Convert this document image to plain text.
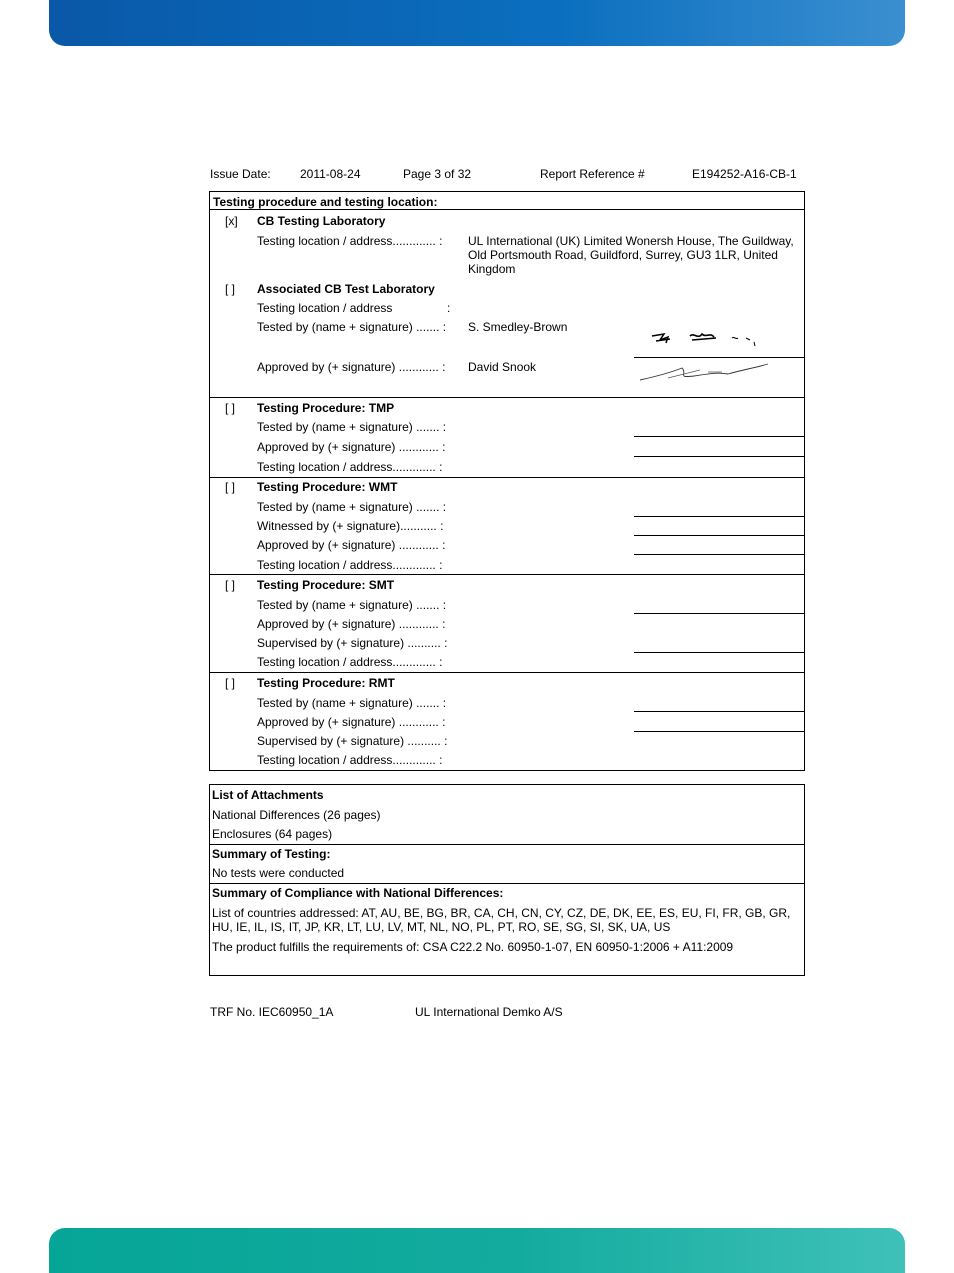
Issue Date: 2011-08-24	Page 3 of 32	Report Reference #	E194252-A16-CB-1
Testing procedure and testing location:
[x] CB Testing Laboratory
Testing location / address............. : UL International (UK) Limited Wonersh House, The Guildway, Old Portsmouth Road, Guildford, Surrey, GU3 1LR, United Kingdom
[ ] Associated CB Test Laboratory
Testing location / address	:
Tested by (name + signature) ....... : S. Smedley-Brown
Approved by (+ signature) ............ : David Snook
[ ] Testing Procedure: TMP
Tested by (name + signature) ....... :
Approved by (+ signature) ............ :
Testing location / address............. :
[ ] Testing Procedure: WMT
Tested by (name + signature) ....... :
Witnessed by (+ signature)........... :
Approved by (+ signature) ............ :
Testing location / address............. :
[ ] Testing Procedure: SMT
Tested by (name + signature) ....... :
Approved by (+ signature) ............ :
Supervised by (+ signature) .......... :
Testing location / address............. :
[ ] Testing Procedure: RMT
Tested by (name + signature) ....... :
Approved by (+ signature) ............ :
Supervised by (+ signature) .......... :
Testing location / address............. :
List of Attachments
National Differences (26 pages)
Enclosures (64 pages)
Summary of Testing:
No tests were conducted
Summary of Compliance with National Differences:
List of countries addressed: AT, AU, BE, BG, BR, CA, CH, CN, CY, CZ, DE, DK, EE, ES, EU, FI, FR, GB, GR, HU, IE, IL, IS, IT, JP, KR, LT, LU, LV, MT, NL, NO, PL, PT, RO, SE, SG, SI, SK, UA, US
The product fulfills the requirements of: CSA C22.2 No. 60950-1-07, EN 60950-1:2006 + A11:2009
TRF No. IEC60950_1A	UL International Demko A/S
